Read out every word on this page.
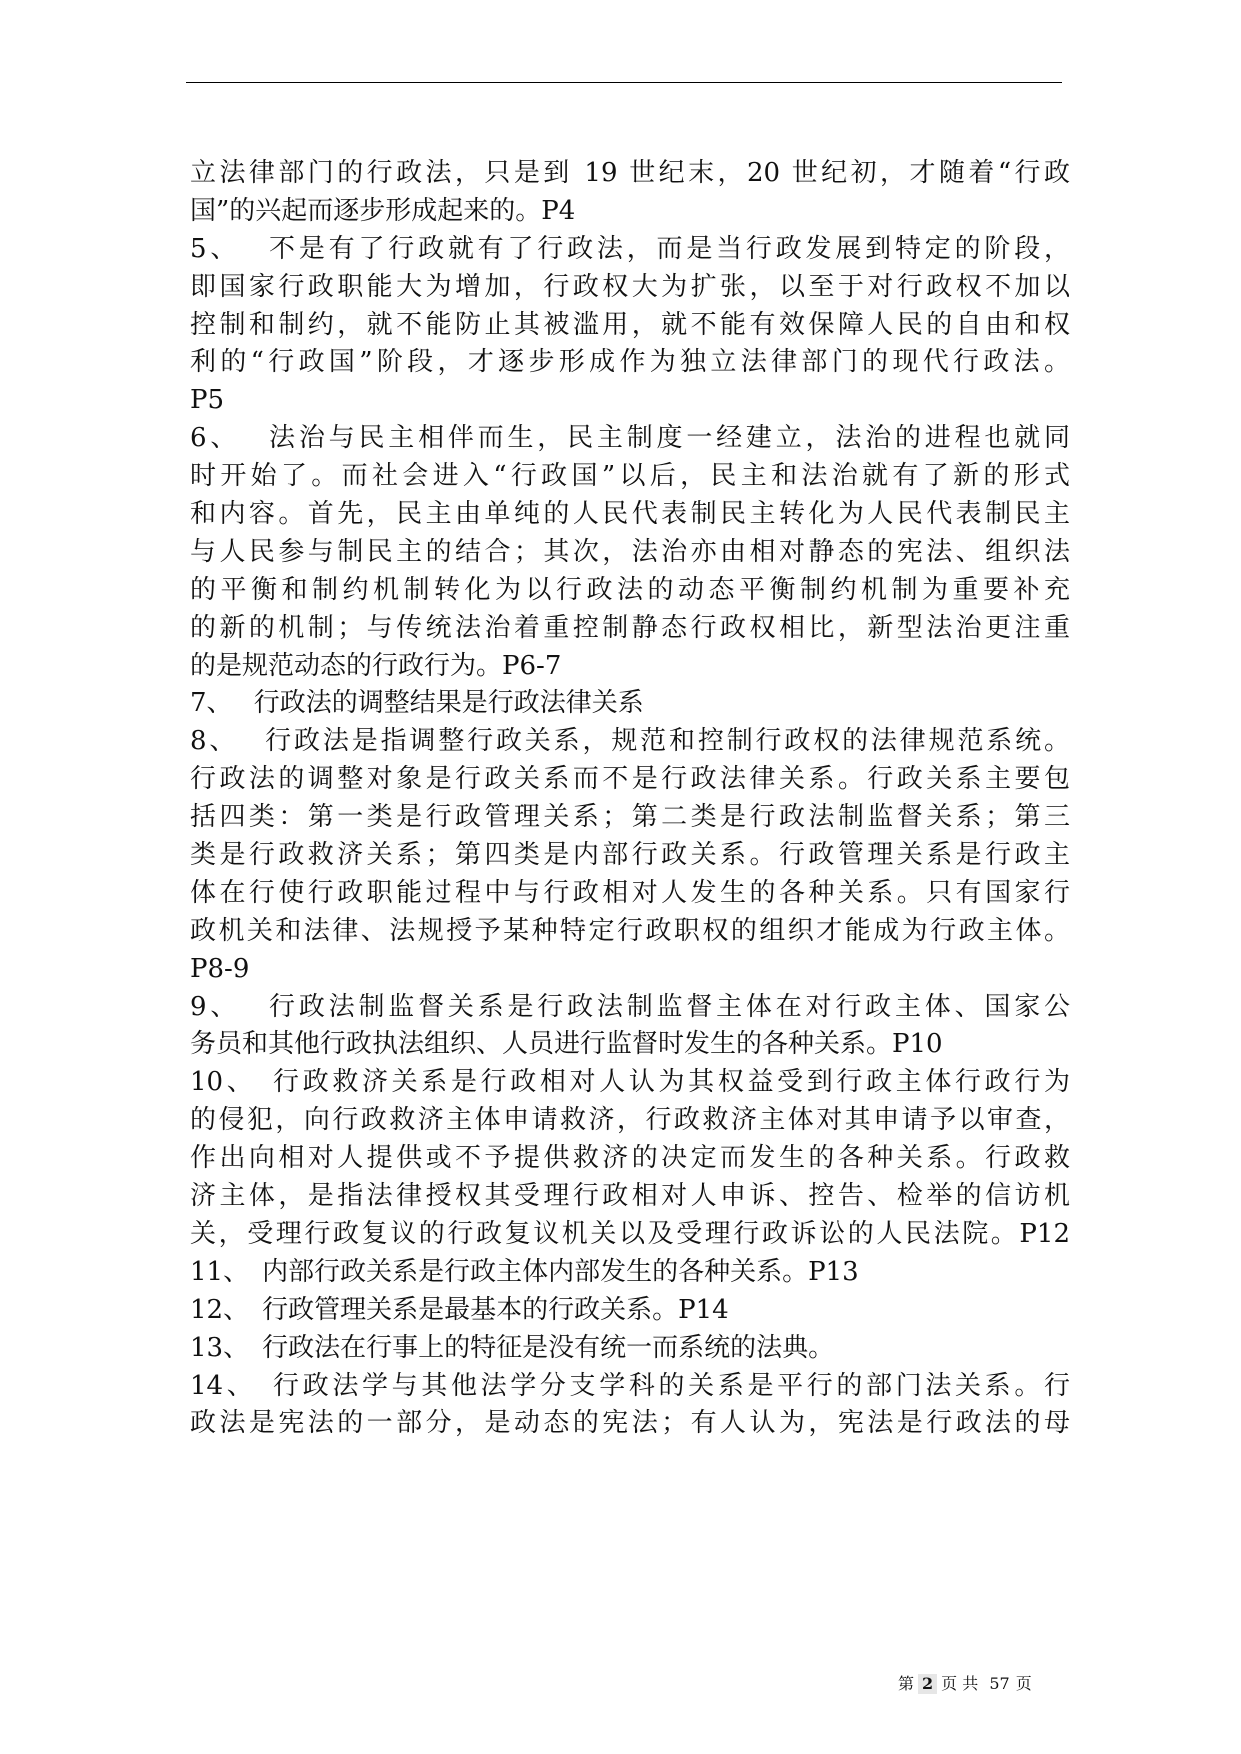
立法律部门的行政法，只是到 19 世纪末，20 世纪初，才随着“行政
国”的兴起而逐步形成起来的。P4
5、　 不是有了行政就有了行政法，而是当行政发展到特定的阶段，
即国家行政职能大为增加，行政权大为扩张，以至于对行政权不加以
控制和制约，就不能防止其被滥用，就不能有效保障人民的自由和权
利的“行政国”阶段，才逐步形成作为独立法律部门的现代行政法。
P5
6、　 法治与民主相伴而生，民主制度一经建立，法治的进程也就同
时开始了。而社会进入“行政国”以后，民主和法治就有了新的形式
和内容。首先，民主由单纯的人民代表制民主转化为人民代表制民主
与人民参与制民主的结合；其次，法治亦由相对静态的宪法、组织法
的平衡和制约机制转化为以行政法的动态平衡制约机制为重要补充
的新的机制；与传统法治着重控制静态行政权相比，新型法治更注重
的是规范动态的行政行为。P6-7
7、　 行政法的调整结果是行政法律关系
8、　 行政法是指调整行政关系，规范和控制行政权的法律规范系统。
行政法的调整对象是行政关系而不是行政法律关系。行政关系主要包
括四类：第一类是行政管理关系；第二类是行政法制监督关系；第三
类是行政救济关系；第四类是内部行政关系。行政管理关系是行政主
体在行使行政职能过程中与行政相对人发生的各种关系。只有国家行
政机关和法律、法规授予某种特定行政职权的组织才能成为行政主体。
P8-9
9、　 行政法制监督关系是行政法制监督主体在对行政主体、国家公
务员和其他行政执法组织、人员进行监督时发生的各种关系。P10
10、　行政救济关系是行政相对人认为其权益受到行政主体行政行为
的侵犯，向行政救济主体申请救济，行政救济主体对其申请予以审查，
作出向相对人提供或不予提供救济的决定而发生的各种关系。行政救
济主体，是指法律授权其受理行政相对人申诉、控告、检举的信访机
关，受理行政复议的行政复议机关以及受理行政诉讼的人民法院。P12
11、　内部行政关系是行政主体内部发生的各种关系。P13
12、　行政管理关系是最基本的行政关系。P14
13、　行政法在行事上的特征是没有统一而系统的法典。
14、　行政法学与其他法学分支学科的关系是平行的部门法关系。行
政法是宪法的一部分，是动态的宪法；有人认为，宪法是行政法的母
第 2 页 共 57 页
